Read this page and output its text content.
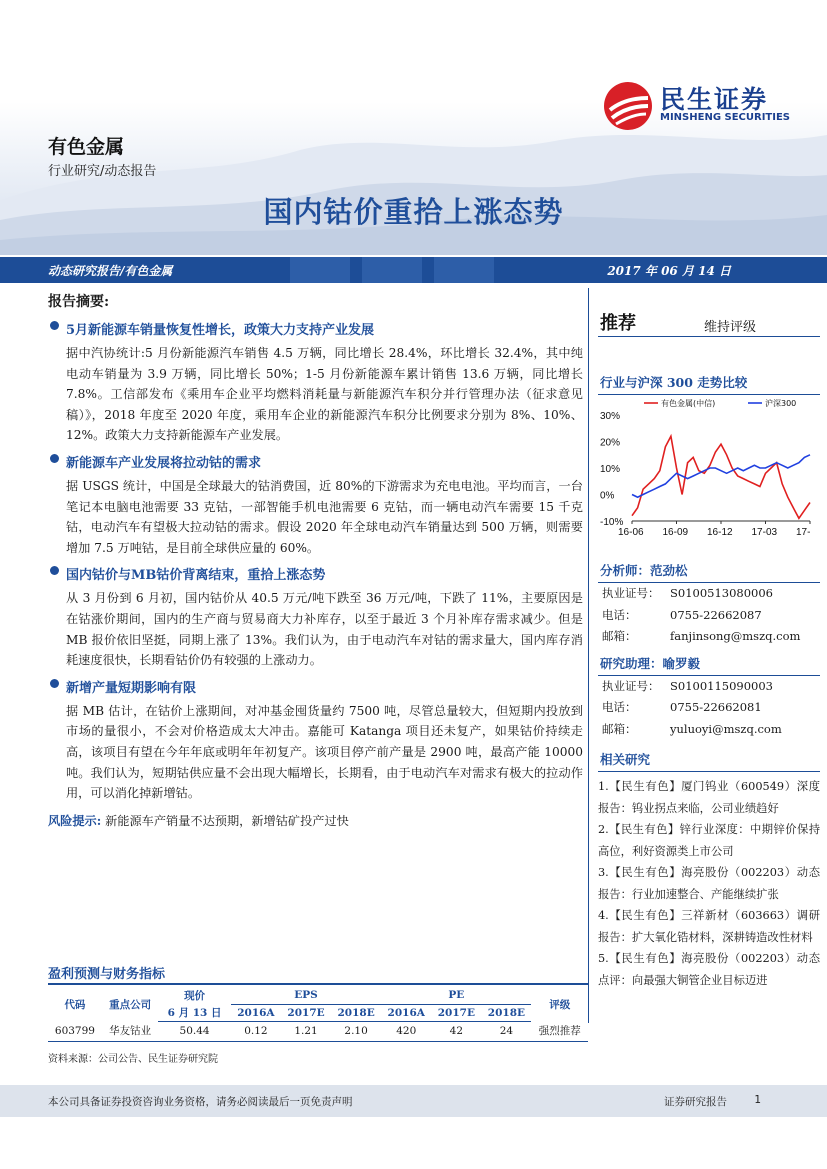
有色金属
行业研究/动态报告
国内钴价重拾上涨态势
民生证券
MINSHENG SECURITIES
动态研究报告/有色金属	2017 年 06 月 14 日
报告摘要:
5月新能源车销量恢复性增长，政策大力支持产业发展
据中汽协统计:5 月份新能源汽车销售 4.5 万辆，同比增长 28.4%，环比增长 32.4%，其中纯电动车销量为 3.9 万辆，同比增长 50%；1-5 月份新能源车累计销售 13.6 万辆，同比增长 7.8%。工信部发布《乘用车企业平均燃料消耗量与新能源汽车积分并行管理办法（征求意见稿）》，2018 年度至 2020 年度，乘用车企业的新能源汽车积分比例要求分别为 8%、10%、12%。政策大力支持新能源车产业发展。
新能源车产业发展将拉动钴的需求
据 USGS 统计，中国是全球最大的钴消费国，近 80%的下游需求为充电电池。平均而言，一台笔记本电脑电池需要 33 克钴，一部智能手机电池需要 6 克钴，而一辆电动汽车需要 15 千克钴，电动汽车有望极大拉动钴的需求。假设 2020 年全球电动汽车销量达到 500 万辆，则需要增加 7.5 万吨钴，是目前全球供应量的 60%。
国内钴价与MB钴价背离结束，重拾上涨态势
从 3 月份到 6 月初，国内钴价从 40.5 万元/吨下跌至 36 万元/吨，下跌了 11%，主要原因是在钴涨价期间，国内的生产商与贸易商大力补库存，以至于最近 3 个月补库存需求减少。但是 MB 报价依旧坚挺，同期上涨了 13%。我们认为，由于电动汽车对钴的需求量大，国内库存消耗速度很快，长期看钴价仍有较强的上涨动力。
新增产量短期影响有限
据 MB 估计，在钴价上涨期间，对冲基金囤货量约 7500 吨，尽管总量较大，但短期内投放到市场的量很小，不会对价格造成太大冲击。嘉能可 Katanga 项目还未复产，如果钴价持续走高，该项目有望在今年年底或明年年初复产。该项目停产前产量是 2900 吨，最高产能 10000 吨。我们认为，短期钴供应量不会出现大幅增长，长期看，由于电动汽车对需求有极大的拉动作用，可以消化掉新增钴。
风险提示: 新能源车产销量不达预期，新增钴矿投产过快
推荐	维持评级
行业与沪深 300 走势比较
30%
20%
10%
0%
-10%
16-06 16-09 16-12 17-03 17-
有色金属(中信)	沪深300
分析师：范劲松
执业证号： S0100513080006
电话：	0755-22662087
邮箱：	fanjinsong@mszq.com
研究助理：喻罗毅
执业证号： S0100115090003
电话：	0755-22662081
邮箱：	yuluoyi@mszq.com
相关研究
1.【民生有色】厦门钨业（600549）深度报告：钨业拐点来临，公司业绩趋好
2.【民生有色】锌行业深度：中期锌价保持高位，利好资源类上市公司
3.【民生有色】海亮股份（002203）动态报告：行业加速整合、产能继续扩张
4.【民生有色】三祥新材（603663）调研报告：扩大氧化锆材料，深耕铸造改性材料
5.【民生有色】海亮股份（002203）动态点评：向最强大铜管企业目标迈进
盈利预测与财务指标
代码	重点公司	现价	EPS			PE			评级
		6 月 13 日	2016A	2017E	2018E	2016A	2017E	2018E	
603799	华友钴业	50.44	0.12	1.21	2.10	420	42	24	强烈推荐
资料来源：公司公告、民生证券研究院
本公司具备证券投资咨询业务资格，请务必阅读最后一页免责声明	证券研究报告	1
